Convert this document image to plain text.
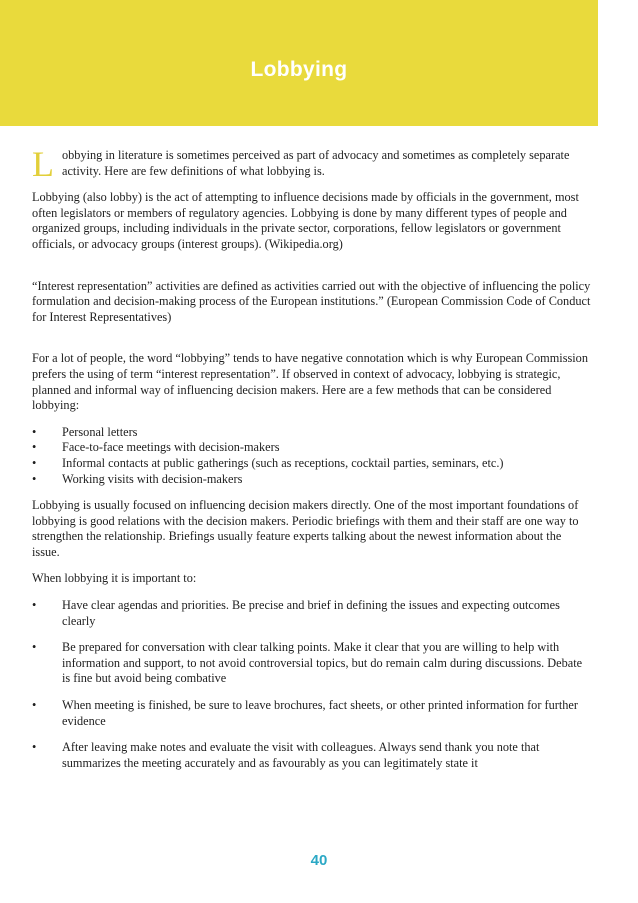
Lobbying

L obbying in literature is sometimes perceived as part of advocacy and sometimes as completely separate activity. Here are few definitions of what lobbying is.

Lobbying (also lobby) is the act of attempting to influence decisions made by officials in the government, most often legislators or members of regulatory agencies. Lobbying is done by many different types of people and organized groups, including individuals in the private sector, corporations, fellow legislators or government officials, or advocacy groups (interest groups). (Wikipedia.org)

“Interest representation” activities are defined as activities carried out with the objective of influencing the policy formulation and decision-making process of the European institutions.” (European Commission Code of Conduct for Interest Representatives)

For a lot of people, the word “lobbying” tends to have negative connotation which is why European Commission prefers the using of term “interest representation”. If observed in context of advocacy, lobbying is strategic, planned and informal way of influencing decision makers. Here are a few methods that can be considered lobbying:

• Personal letters
• Face-to-face meetings with decision-makers
• Informal contacts at public gatherings (such as receptions, cocktail parties, seminars, etc.)
• Working visits with decision-makers

Lobbying is usually focused on influencing decision makers directly. One of the most important foundations of lobbying is good relations with the decision makers. Periodic briefings with them and their staff are one way to strengthen the relationship. Briefings usually feature experts talking about the newest information about the issue.

When lobbying it is important to:

• Have clear agendas and priorities. Be precise and brief in defining the issues and expecting outcomes clearly
• Be prepared for conversation with clear talking points. Make it clear that you are willing to help with information and support, to not avoid controversial topics, but do remain calm during discussions. Debate is fine but avoid being combative
• When meeting is finished, be sure to leave brochures, fact sheets, or other printed information for further evidence
• After leaving make notes and evaluate the visit with colleagues. Always send thank you note that summarizes the meeting accurately and as favourably as you can legitimately state it
40
